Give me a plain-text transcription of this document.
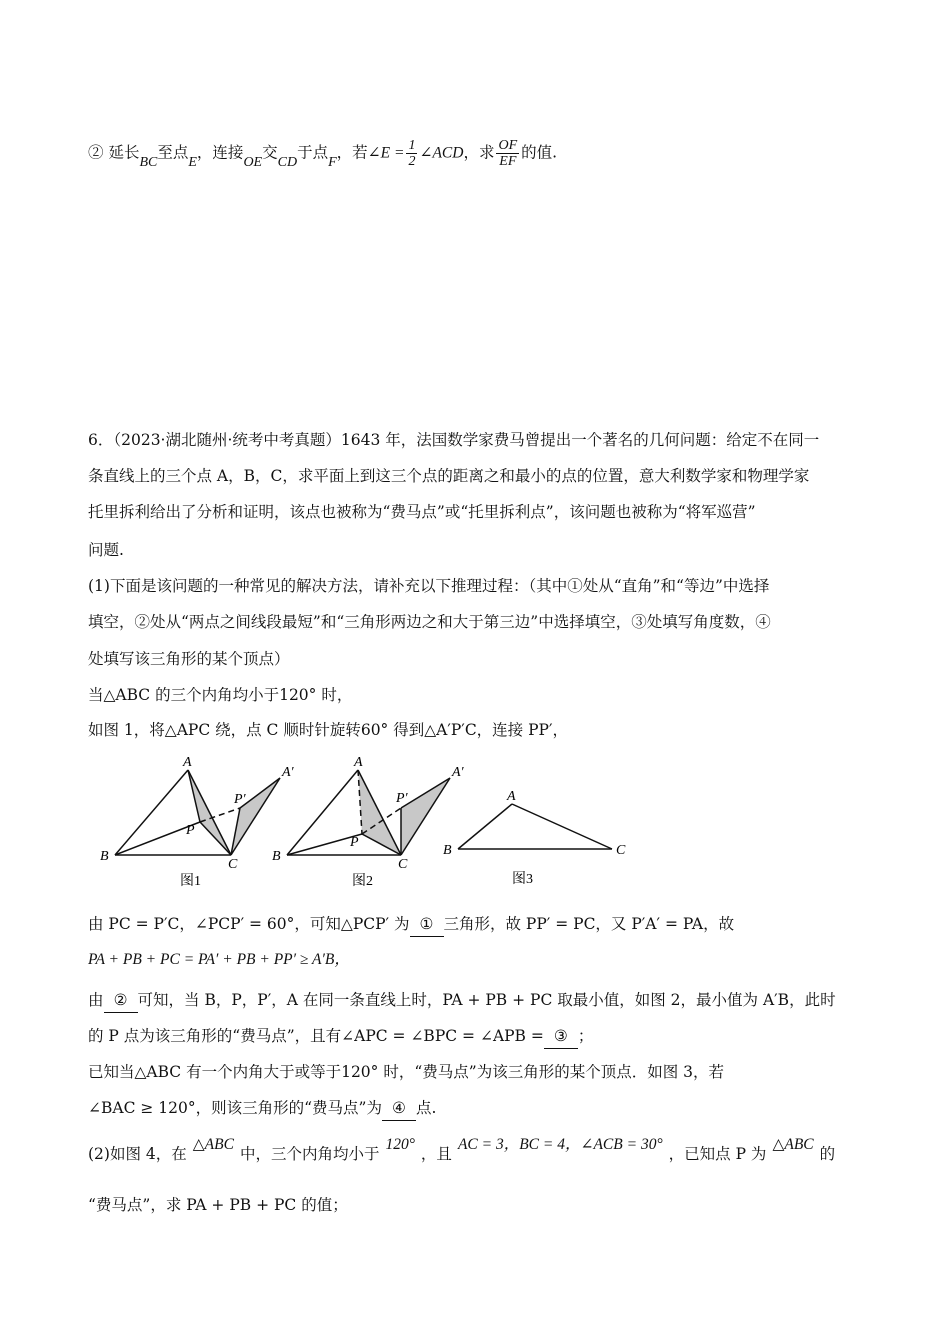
② 延长BC至点E，连接OE交CD于点F，若∠E = $\frac{1}{2}$ ∠ACD，求 $\frac{OF}{EF}$ 的值.
6．（2023·湖北随州·统考中考真题）1643 年，法国数学家费马曾提出一个著名的几何问题：给定不在同一
条直线上的三个点 A，B，C，求平面上到这三个点的距离之和最小的点的位置，意大利数学家和物理学家
托里拆利给出了分析和证明，该点也被称为“费马点”或“托里拆利点”，该问题也被称为“将军巡营”
问题.
(1)下面是该问题的一种常见的解决方法，请补充以下推理过程：（其中①处从“直角”和“等边”中选择
填空，②处从“两点之间线段最短”和“三角形两边之和大于第三边”中选择填空，③处填写角度数，④
处填写该三角形的某个顶点）
当△ABC 的三个内角均小于120° 时，
如图 1，将△APC 绕，点 C 顺时针旋转60° 得到△A′P′C，连接 PP′，
A
B
C
P
A′
P′
图1
A
B
C
P
A′
P′
图2
A
B	C
图3
由 PC = P′C，∠PCP′ = 60°，可知△PCP′ 为 ① 三角形，故 PP′ = PC，又 P′A′ = PA，故
PA + PB + PC = PA′ + PB + PP′ ≥ A′B，
由 ② 可知，当 B，P，P′，A 在同一条直线上时，PA + PB + PC 取最小值，如图 2，最小值为 A′B，此时
的 P 点为该三角形的“费马点”，且有∠APC = ∠BPC = ∠APB = ③ ；
已知当△ABC 有一个内角大于或等于120° 时，“费马点”为该三角形的某个顶点．如图 3，若
∠BAC ≥ 120°，则该三角形的“费马点”为 ④ 点.
(2)如图 4，在△ABC中，三个内角均小于120°，且AC = 3，BC = 4，∠ACB = 30°，已知点 P 为△ABC的
“费马点”，求 PA + PB + PC 的值；
